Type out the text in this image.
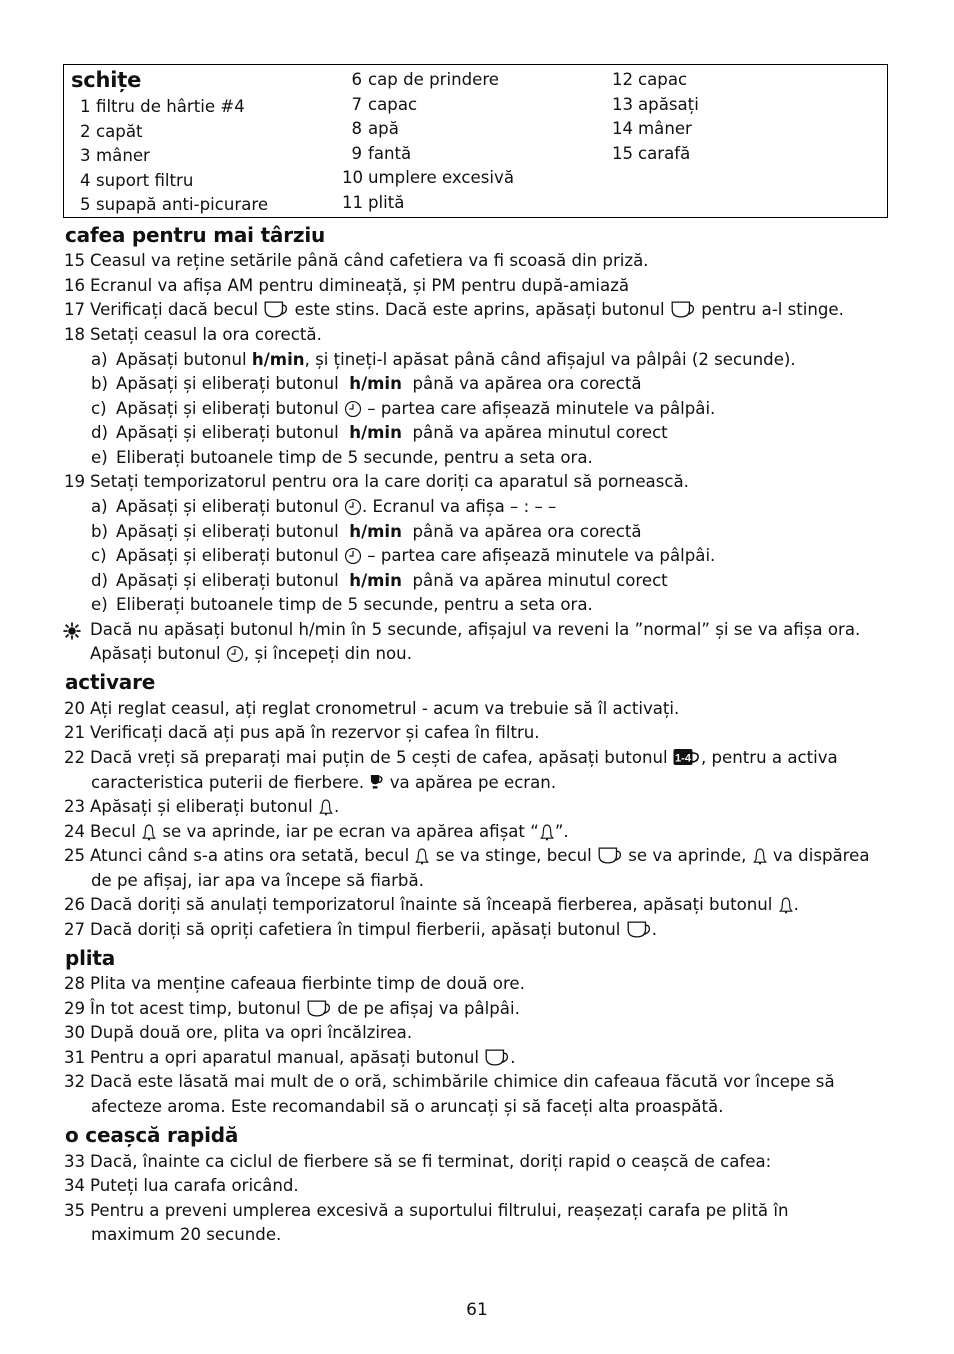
schițe
1 filtru de hârtie #4
2 capăt
3 mâner
4 suport filtru
5 supapă anti-picurare
6 cap de prindere
7 capac
8 apă
9 fantă
10 umplere excesivă
11 plită
12 capac
13 apăsați
14 mâner
15 carafă
cafea pentru mai târziu
15 Ceasul va reține setările până când cafetiera va fi scoasă din priză.
16 Ecranul va afișa AM pentru dimineață, și PM pentru după-amiază
17 Verificați dacă becul este stins. Dacă este aprins, apăsați butonul pentru a-l stinge.
18 Setați ceasul la ora corectă.
a) Apăsați butonul h/min, și țineți-l apăsat până când afișajul va pâlpâi (2 secunde).
b) Apăsați și eliberați butonul h/min până va apărea ora corectă
c) Apăsați și eliberați butonul – partea care afișează minutele va pâlpâi.
d) Apăsați și eliberați butonul h/min până va apărea minutul corect
e) Eliberați butoanele timp de 5 secunde, pentru a seta ora.
19 Setați temporizatorul pentru ora la care doriți ca aparatul să pornească.
a) Apăsați și eliberați butonul . Ecranul va afișa – : – –
b) Apăsați și eliberați butonul h/min până va apărea ora corectă
c) Apăsați și eliberați butonul – partea care afișează minutele va pâlpâi.
d) Apăsați și eliberați butonul h/min până va apărea minutul corect
e) Eliberați butoanele timp de 5 secunde, pentru a seta ora.
Dacă nu apăsați butonul h/min în 5 secunde, afișajul va reveni la ”normal” și se va afișa ora.
Apăsați butonul , și începeți din nou.
activare
20 Ați reglat ceasul, ați reglat cronometrul - acum va trebuie să îl activați.
21 Verificați dacă ați pus apă în rezervor și cafea în filtru.
22 Dacă vreți să preparați mai puțin de 5 cești de cafea, apăsați butonul 1-4 , pentru a activa
caracteristica puterii de fierbere. va apărea pe ecran.
23 Apăsați și eliberați butonul .
24 Becul se va aprinde, iar pe ecran va apărea afișat “ ”.
25 Atunci când s-a atins ora setată, becul se va stinge, becul se va aprinde, va dispărea
de pe afișaj, iar apa va începe să fiarbă.
26 Dacă doriți să anulați temporizatorul înainte să înceapă fierberea, apăsați butonul .
27 Dacă doriți să opriți cafetiera în timpul fierberii, apăsați butonul .
plita
28 Plita va menține cafeaua fierbinte timp de două ore.
29 În tot acest timp, butonul de pe afișaj va pâlpâi.
30 După două ore, plita va opri încălzirea.
31 Pentru a opri aparatul manual, apăsați butonul .
32 Dacă este lăsată mai mult de o oră, schimbările chimice din cafeaua făcută vor începe să
afecteze aroma. Este recomandabil să o aruncați și să faceți alta proaspătă.
o ceașcă rapidă
33 Dacă, înainte ca ciclul de fierbere să se fi terminat, doriți rapid o ceașcă de cafea:
34 Puteți lua carafa oricând.
35 Pentru a preveni umplerea excesivă a suportului filtrului, reașezați carafa pe plită în
maximum 20 secunde.
61
